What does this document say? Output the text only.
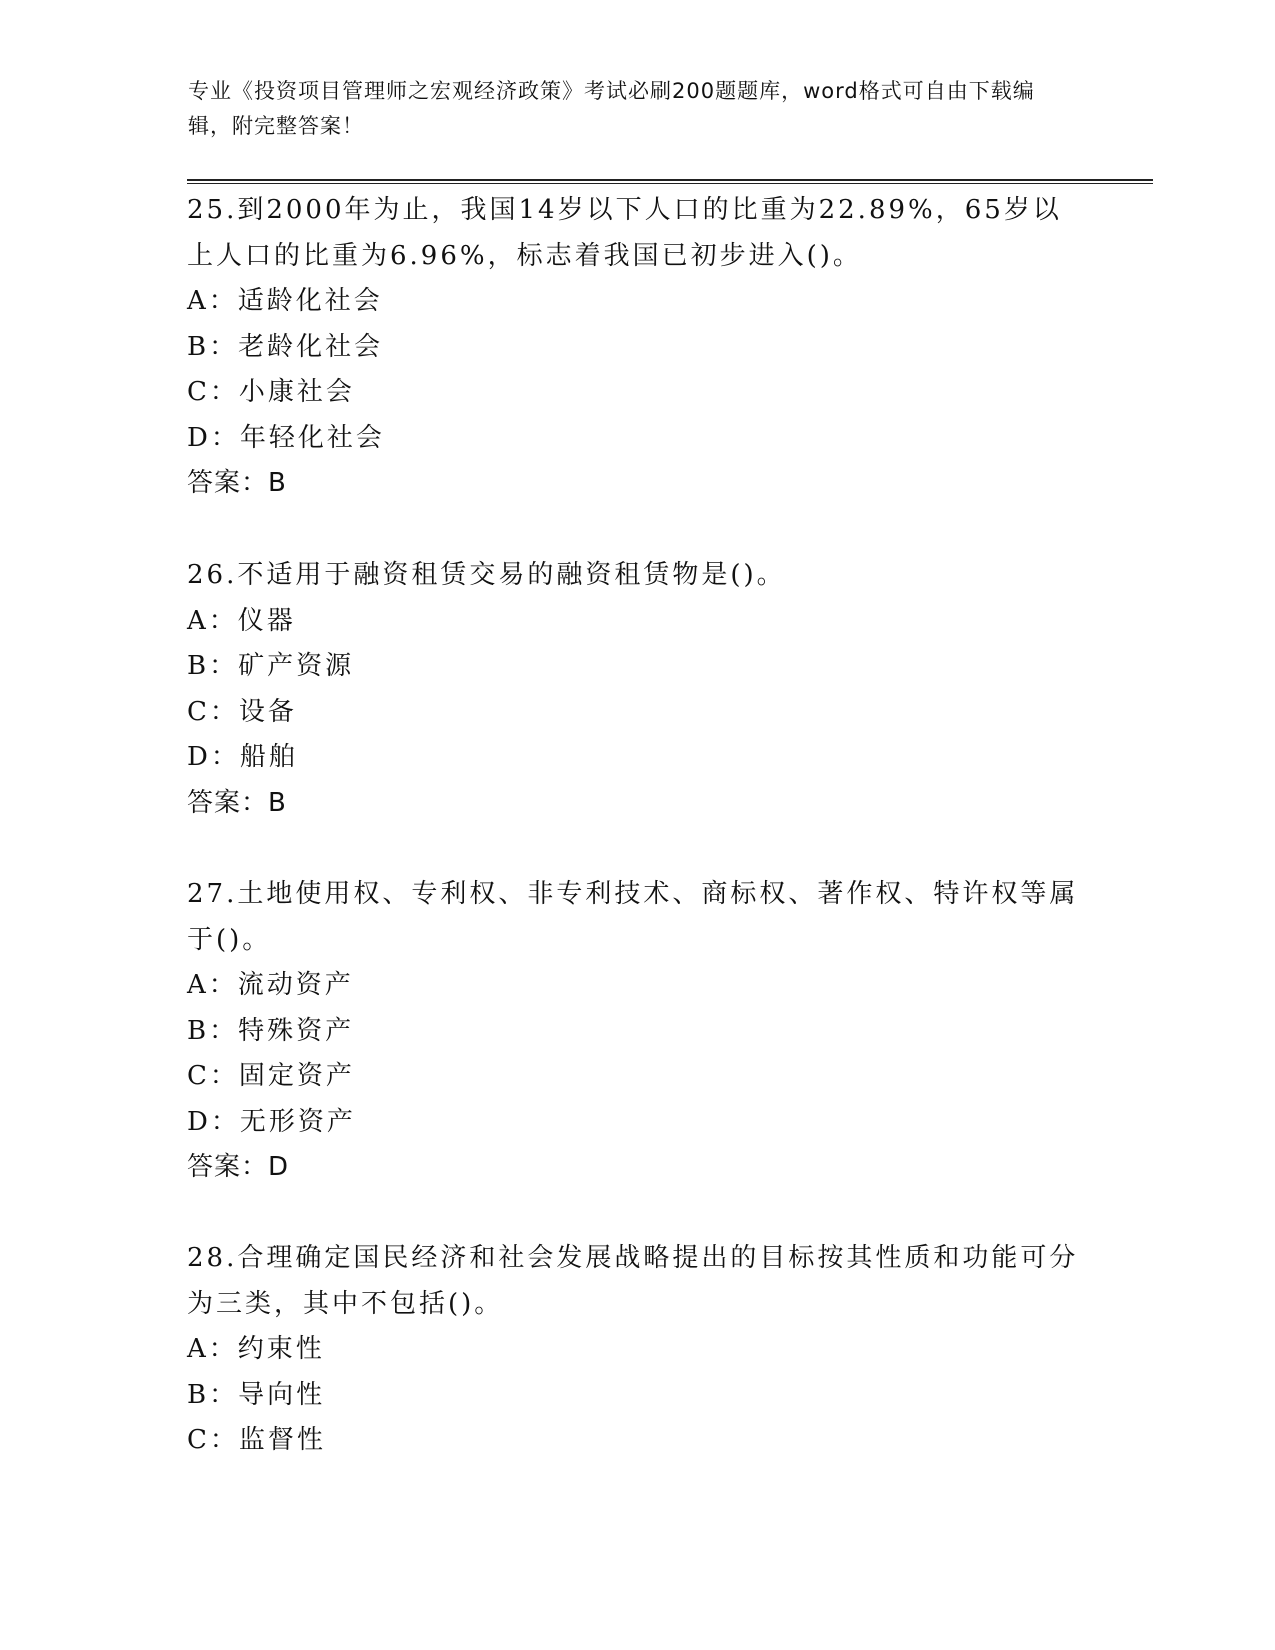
专业《投资项目管理师之宏观经济政策》考试必刷200题题库，word格式可自由下载编辑，附完整答案！

25.到2000年为止，我国14岁以下人口的比重为22.89%，65岁以上人口的比重为6.96%，标志着我国已初步进入()。

A：适龄化社会

B：老龄化社会

C：小康社会

D：年轻化社会

答案：B

26.不适用于融资租赁交易的融资租赁物是()。

A：仪器

B：矿产资源

C：设备

D：船舶

答案：B

27.土地使用权、专利权、非专利技术、商标权、著作权、特许权等属于()。

A：流动资产

B：特殊资产

C：固定资产

D：无形资产

答案：D

28.合理确定国民经济和社会发展战略提出的目标按其性质和功能可分为三类，其中不包括()。

A：约束性

B：导向性

C：监督性
